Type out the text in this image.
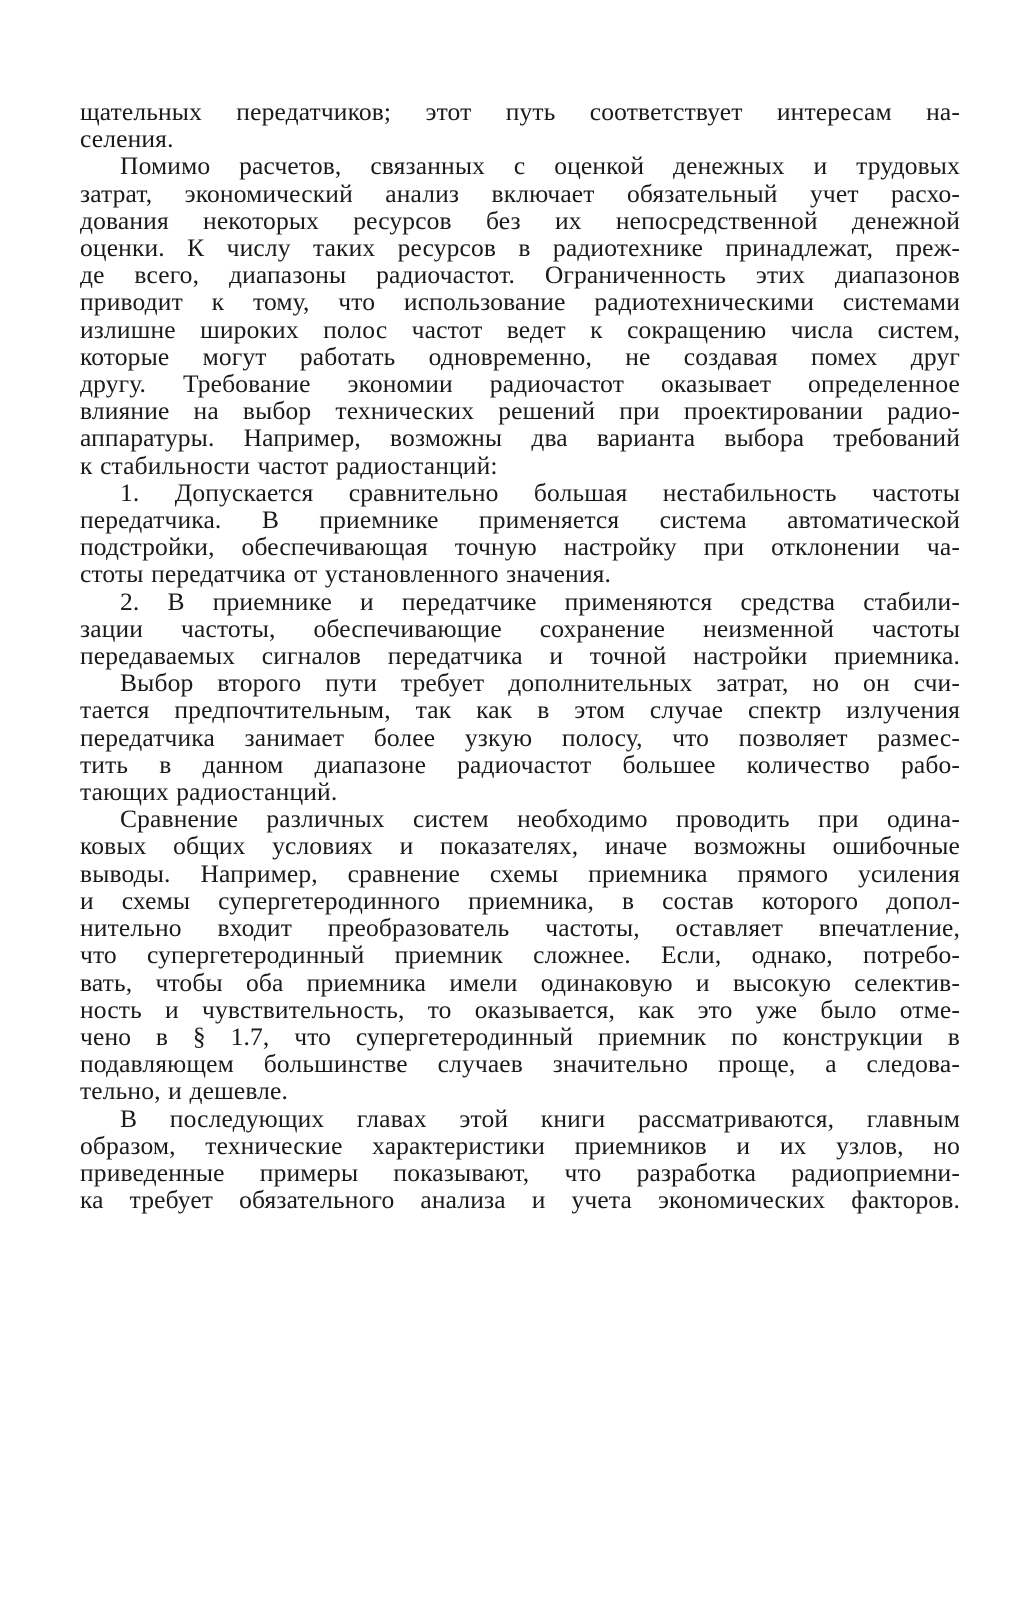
щательных передатчиков; этот путь соответствует интересам на-
селения.

Помимо расчетов, связанных с оценкой денежных и трудовых
затрат, экономический анализ включает обязательный учет расхо-
дования некоторых ресурсов без их непосредственной денежной
оценки. К числу таких ресурсов в радиотехнике принадлежат, преж-
де всего, диапазоны радиочастот. Ограниченность этих диапазонов
приводит к тому, что использование радиотехническими системами
излишне широких полос частот ведет к сокращению числа систем,
которые могут работать одновременно, не создавая помех друг
другу. Требование экономии радиочастот оказывает определенное
влияние на выбор технических решений при проектировании радио-
аппаратуры. Например, возможны два варианта выбора требований
к стабильности частот радиостанций:

1. Допускается сравнительно большая нестабильность частоты
передатчика. В приемнике применяется система автоматической
подстройки, обеспечивающая точную настройку при отклонении ча-
стоты передатчика от установленного значения.

2. В приемнике и передатчике применяются средства стабили-
зации частоты, обеспечивающие сохранение неизменной частоты
передаваемых сигналов передатчика и точной настройки приемника.

Выбор второго пути требует дополнительных затрат, но он счи-
тается предпочтительным, так как в этом случае спектр излучения
передатчика занимает более узкую полосу, что позволяет размес-
тить в данном диапазоне радиочастот большее количество рабо-
тающих радиостанций.

Сравнение различных систем необходимо проводить при одина-
ковых общих условиях и показателях, иначе возможны ошибочные
выводы. Например, сравнение схемы приемника прямого усиления
и схемы супергетеродинного приемника, в состав которого допол-
нительно входит преобразователь частоты, оставляет впечатление,
что супергетеродинный приемник сложнее. Если, однако, потребо-
вать, чтобы оба приемника имели одинаковую и высокую селектив-
ность и чувствительность, то оказывается, как это уже было отме-
чено в § 1.7, что супергетеродинный приемник по конструкции в
подавляющем большинстве случаев значительно проще, а следова-
тельно, и дешевле.

В последующих главах этой книги рассматриваются, главным
образом, технические характеристики приемников и их узлов, но
приведенные примеры показывают, что разработка радиоприемни-
ка требует обязательного анализа и учета экономических факторов.
